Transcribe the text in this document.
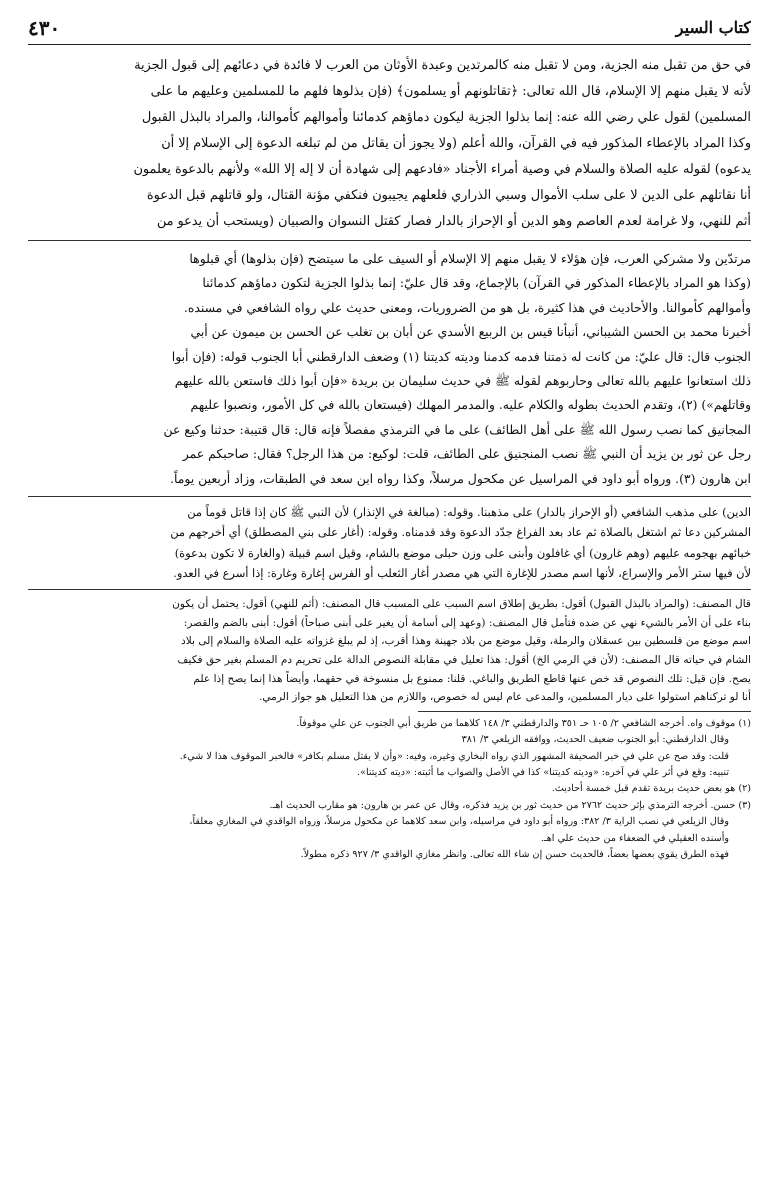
٤٣٠	كتاب السير

في حق من تقبل منه الجزية، ومن لا تقبل منه كالمرتدين وعبدة الأوثان من العرب لا فائدة في دعائهم إلى قبول الجزية

لأنه لا يقبل منهم إلا الإسلام، قال الله تعالى: ﴿تقاتلونهم أو يسلمون﴾ (فإن بذلوها فلهم ما للمسلمين وعليهم ما على

المسلمين) لقول علي رضي الله عنه: إنما بذلوا الجزية ليكون دماؤهم كدمائنا وأموالهم كأموالنا، والمراد بالبذل القبول

وكذا المراد بالإعطاء المذكور فيه في القرآن، والله أعلم (ولا يجوز أن يقاتل من لم تبلغه الدعوة إلى الإسلام إلا أن

يدعوه) لقوله عليه الصلاة والسلام في وصية أمراء الأجناد «فادعهم إلى شهادة أن لا إله إلا الله» ولأنهم بالدعوة يعلمون

أنا نقاتلهم على الدين لا على سلب الأموال وسبي الذراري فلعلهم يجيبون فنكفي مؤنة القتال، ولو قاتلهم قبل الدعوة

أثم للنهي، ولا غرامة لعدم العاصم وهو الدين أو الإحراز بالدار فصار كقتل النسوان والصبيان (ويستحب أن يدعو من

مرتدّين ولا مشركي العرب، فإن هؤلاء لا يقبل منهم إلا الإسلام أو السيف على ما سيتضح (فإن بذلوها) أي قبلوها

(وكذا هو المراد بالإعطاء المذكور في القرآن) بالإجماع، وقد قال عليّ: إنما بذلوا الجزية لتكون دماؤهم كدمائنا

وأموالهم كأموالنا. والأحاديث في هذا كثيرة، بل هو من الضروريات، ومعنى حديث علي رواه الشافعي في مسنده.

أخبرنا محمد بن الحسن الشيباني، أنبأنا قيس بن الربيع الأسدي عن أبان بن تغلب عن الحسن بن ميمون عن أبي

الجنوب قال: قال عليّ: من كانت له ذمتنا فدمه كدمنا وديته كديتنا (١) وضعف الدارقطني أبا الجنوب قوله: (فإن أبوا

ذلك استعانوا عليهم بالله تعالى وحاربوهم لقوله ﷺ في حديث سليمان بن بريدة «فإن أبوا ذلك فاستعن بالله عليهم

وقاتلهم») (٢)، وتقدم الحديث بطوله والكلام عليه. والمدمر المهلك (فيستعان بالله في كل الأمور، ونصبوا عليهم

المجانيق كما نصب رسول الله ﷺ على أهل الطائف) على ما في الترمذي مفصلاً فإنه قال: قال قتيبة: حدثنا وكيع عن

رجل عن ثور بن يزيد أن النبي ﷺ نصب المنجنيق على الطائف، قلت: لوكيع: من هذا الرجل؟ فقال: صاحبكم عمر

ابن هارون (٣). ورواه أبو داود في المراسيل عن مكحول مرسلاً، وكذا رواه ابن سعد في الطبقات، وزاد أربعين يوماً.

الدين) على مذهب الشافعي (أو الإحراز بالدار) على مذهبنا. وقوله: (مبالغة في الإنذار) لأن النبي ﷺ كان إذا قاتل قوماً من

المشركين دعا ثم اشتغل بالصلاة ثم عاد بعد الفراغ جدّد الدعوة وقد قدمناه. وقوله: (أغار على بني المصطلق) أي أخرجهم من

خبائهم بهجومه عليهم (وهم غارون) أي غافلون وأبنى على وزن حبلى موضع بالشام، وقيل اسم قبيلة (والغارة لا تكون بدعوة)

لأن فيها ستر الأمر والإسراع، لأنها اسم مصدر للإغارة التي هي مصدر أغار الثعلب أو الفرس إغارة وغارة: إذا أسرع في العدو.

قال المصنف: (والمراد بالبذل القبول) أقول: بطريق إطلاق اسم السبب على المسبب قال المصنف: (أثم للنهي) أقول: يحتمل أن يكون

بناء على أن الأمر بالشيء نهي عن ضده فتأمل قال المصنف: (وعهد إلى أسامة أن يغير على أبنى صباحاً) أقول: أبنى بالضم والقصر:

اسم موضع من فلسطين بين عسقلان والرملة، وقيل موضع من بلاد جهينة وهذا أقرب، إذ لم يبلغ غزواته عليه الصلاة والسلام إلى بلاد

الشام في حياته قال المصنف: (لأن في الرمي الخ) أقول: هذا تعليل في مقابلة النصوص الدالة على تحريم دم المسلم بغير حق فكيف

يصح. فإن قيل: تلك النصوص قد خص عنها قاطع الطريق والباغي. قلنا: ممنوع بل منسوخة في حقهما، وأيضاً هذا إنما يصح إذا علم

أنا لو تركناهم استولوا على ديار المسلمين، والمدعى عام ليس له خصوص، واللازم من هذا التعليل هو جواز الرمي.

(١) موقوف واه. أخرجه الشافعي ٢/ ١٠٥ حـ ٣٥١ والدارقطني ٣/ ١٤٨ كلاهما من طريق أبي الجنوب عن علي موقوفاً.

وقال الدارقطني: أبو الجنوب ضعيف الحديث، ووافقه الزيلعي ٣/ ٣٨١

قلت: وقد صح عن علي في خبر الصحيفة المشهور الذي رواه البخاري وغيره، وفيه: «وأن لا يقتل مسلم بكافر» فالخبر الموقوف هذا لا شيء.

تنبيه: وقع في أثر علي في آخره: «وديته كديتنا» كذا في الأصل والصواب ما أثبته: «ديته كديتنا».

(٢) هو بعض حديث بريدة تقدم قبل خمسة أحاديث.

(٣) حسن. أخرجه الترمذي بإثر حديث ٢٧٦٢ من حديث ثور بن يزيد فذكره، وقال عن عمر بن هارون: هو مقارب الحديث اهـ.

وقال الزيلعي في نصب الراية ٣/ ٣٨٢: ورواه أبو داود في مراسيله، وابن سعد كلاهما عن مكحول مرسلاً، ورواه الواقدي في المغازي معلقاً،

وأسنده العقيلي في الضعفاء من حديث علي اهـ.

فهذه الطرق يقوي بعضها بعضاً، فالحديث حسن إن شاء الله تعالى. وانظر مغازي الواقدي ٣/ ٩٢٧ ذكره مطولاً.
